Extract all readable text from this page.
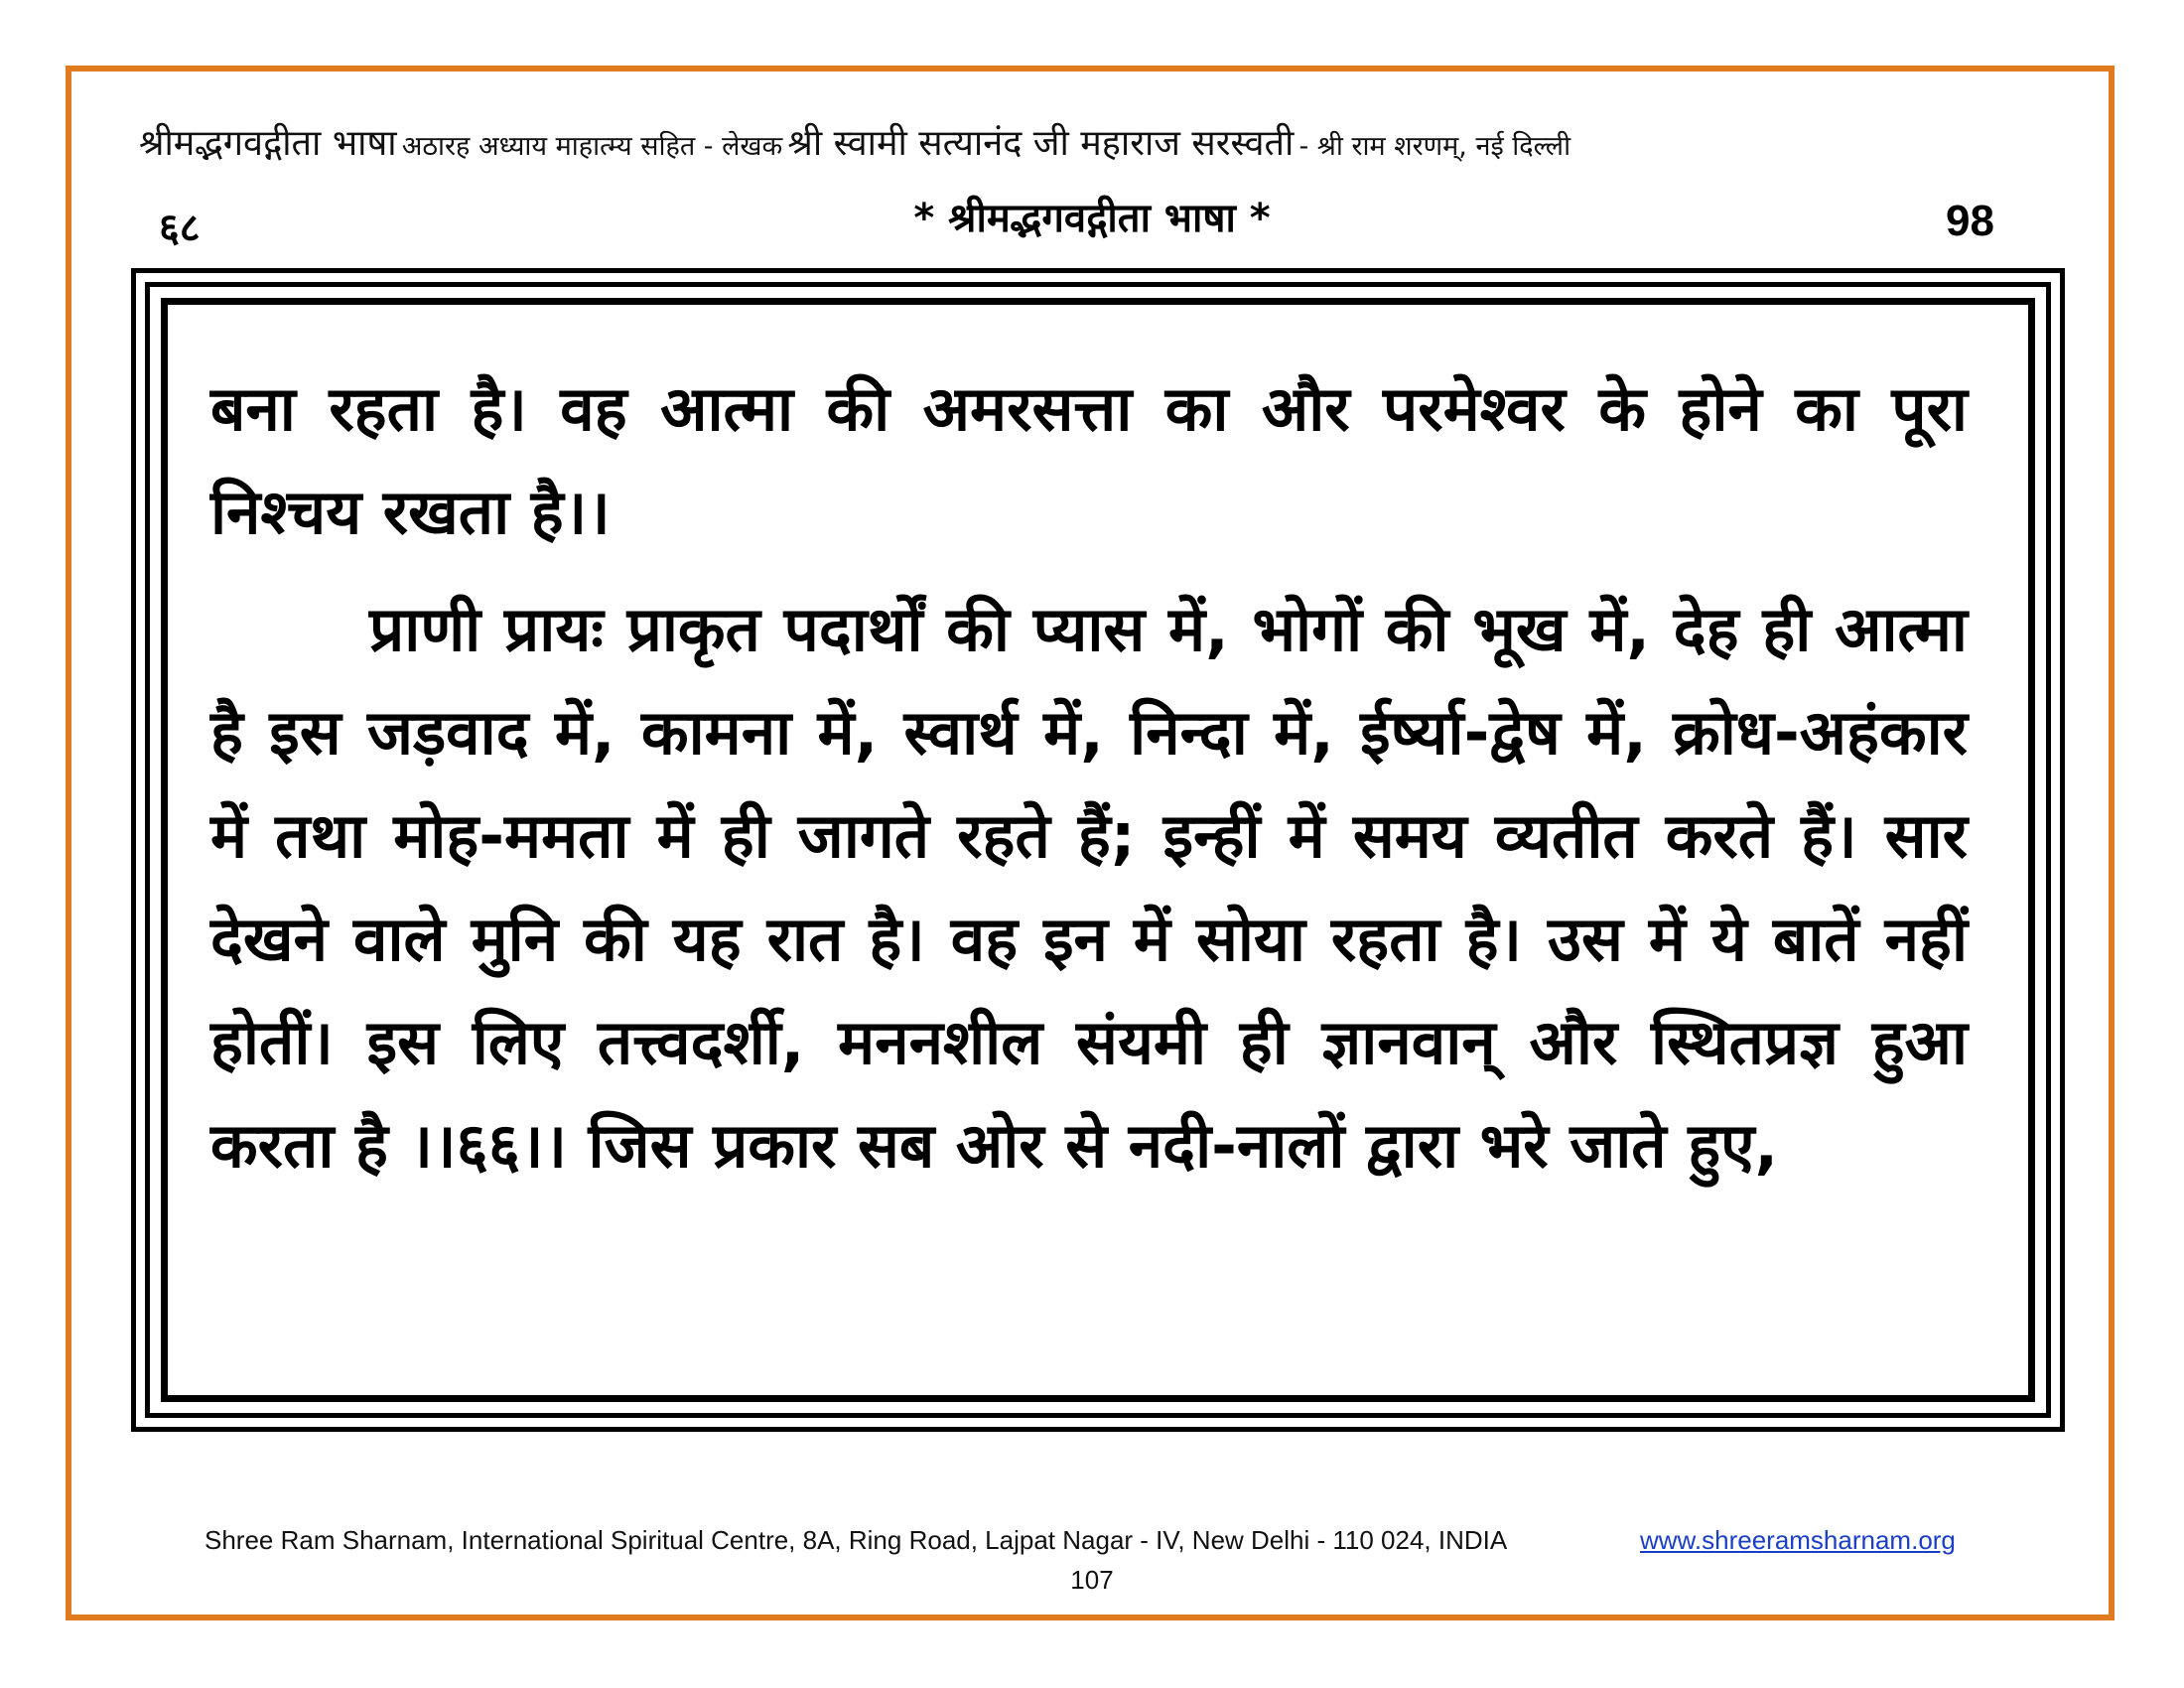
श्रीमद्भगवद्गीता भाषा अठारह अध्याय माहात्म्य सहित - लेखक श्री स्वामी सत्यानंद जी महाराज सरस्वती - श्री राम शरणम्, नई दिल्ली
६८	* श्रीमद्भगवद्गीता भाषा *	98

बना रहता है। वह आत्मा की अमरसत्ता का और परमेश्वर के होने का पूरा निश्चय रखता है।।

प्राणी प्रायः प्राकृत पदार्थों की प्यास में, भोगों की भूख में, देह ही आत्मा है इस जड़वाद में, कामना में, स्वार्थ में, निन्दा में, ईर्ष्या-द्वेष में, क्रोध-अहंकार में तथा मोह-ममता में ही जागते रहते हैं; इन्हीं में समय व्यतीत करते हैं। सार देखने वाले मुनि की यह रात है। वह इन में सोया रहता है। उस में ये बातें नहीं होतीं। इस लिए तत्त्वदर्शी, मननशील संयमी ही ज्ञानवान् और स्थितप्रज्ञ हुआ करता है ।।६६।। जिस प्रकार सब ओर से नदी-नालों द्वारा भरे जाते हुए,

Shree Ram Sharnam, International Spiritual Centre, 8A, Ring Road, Lajpat Nagar - IV, New Delhi - 110 024, INDIA	www.shreeramsharnam.org
107
